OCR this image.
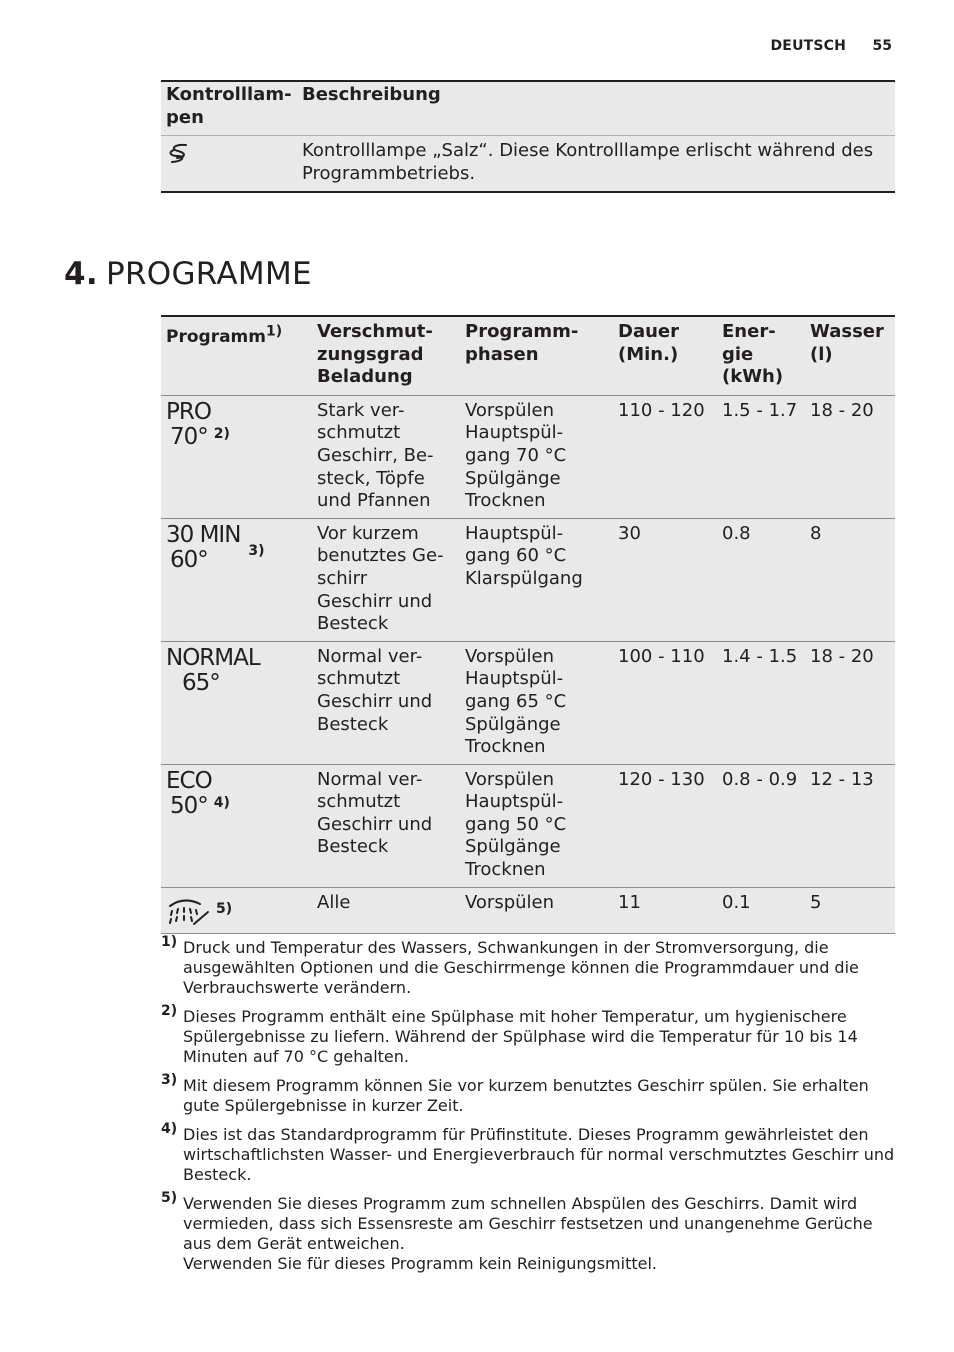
DEUTSCH 55
Kontrolllam-
pen	Beschreibung
	Kontrolllampe „Salz“. Diese Kontrolllampe erlischt während des Programmbetriebs.
4. PROGRAMME
Programm$^{1)}$	Verschmut-
zungsgrad
Beladung	Programm-
phasen	Dauer
(Min.)	Ener-
gie
(kWh)	Wasser
(l)
PRO
70° $^{2)}$	Stark ver-
schmutzt
Geschirr, Be-
steck, Töpfe
und Pfannen	Vorspülen
Hauptspül-
gang 70 °C
Spülgänge
Trocknen	110 - 120	1.5 - 1.7	18 - 20
30 MIN3)
60°	Vor kurzem
benutztes Ge-
schirr
Geschirr und
Besteck	Hauptspül-
gang 60 °C
Klarspülgang	30	0.8	8
NORMAL
65°	Normal ver-
schmutzt
Geschirr und
Besteck	Vorspülen
Hauptspül-
gang 65 °C
Spülgänge
Trocknen	100 - 110	1.4 - 1.5	18 - 20
ECO
50° $^{4)}$	Normal ver-
schmutzt
Geschirr und
Besteck	Vorspülen
Hauptspül-
gang 50 °C
Spülgänge
Trocknen	120 - 130	0.8 - 0.9	12 - 13
$^{5)}$	Alle	Vorspülen	11	0.1	5
1) Druck und Temperatur des Wassers, Schwankungen in der Stromversorgung, die
ausgewählten Optionen und die Geschirrmenge können die Programmdauer und die
Verbrauchswerte verändern.
2) Dieses Programm enthält eine Spülphase mit hoher Temperatur, um hygienischere
Spülergebnisse zu liefern. Während der Spülphase wird die Temperatur für 10 bis 14
Minuten auf 70 °C gehalten.
3) Mit diesem Programm können Sie vor kurzem benutztes Geschirr spülen. Sie erhalten
gute Spülergebnisse in kurzer Zeit.
4) Dies ist das Standardprogramm für Prüfinstitute. Dieses Programm gewährleistet den
wirtschaftlichsten Wasser- und Energieverbrauch für normal verschmutztes Geschirr und
Besteck.
5) Verwenden Sie dieses Programm zum schnellen Abspülen des Geschirrs. Damit wird
vermieden, dass sich Essensreste am Geschirr festsetzen und unangenehme Gerüche
aus dem Gerät entweichen.
Verwenden Sie für dieses Programm kein Reinigungsmittel.
